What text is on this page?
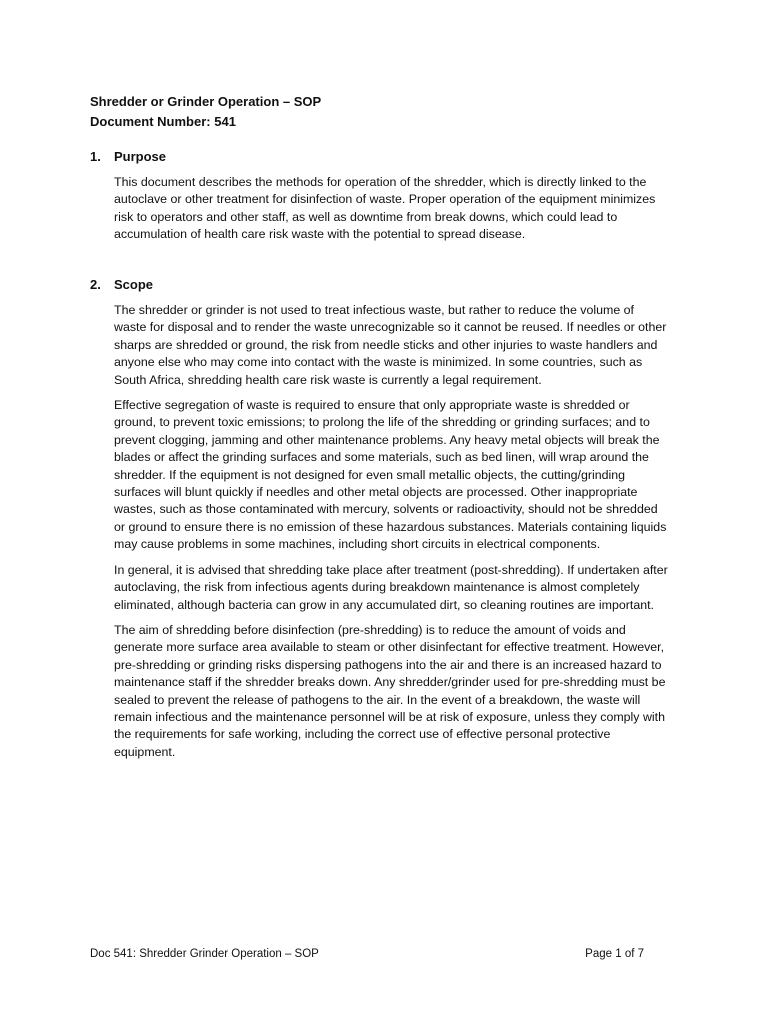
Shredder or Grinder Operation – SOP
Document Number: 541
1.	Purpose

This document describes the methods for operation of the shredder, which is directly linked to the autoclave or other treatment for disinfection of waste. Proper operation of the equipment minimizes risk to operators and other staff, as well as downtime from break downs, which could lead to accumulation of health care risk waste with the potential to spread disease.

2.	Scope

The shredder or grinder is not used to treat infectious waste, but rather to reduce the volume of waste for disposal and to render the waste unrecognizable so it cannot be reused. If needles or other sharps are shredded or ground, the risk from needle sticks and other injuries to waste handlers and anyone else who may come into contact with the waste is minimized. In some countries, such as South Africa, shredding health care risk waste is currently a legal requirement.

Effective segregation of waste is required to ensure that only appropriate waste is shredded or ground, to prevent toxic emissions; to prolong the life of the shredding or grinding surfaces; and to prevent clogging, jamming and other maintenance problems. Any heavy metal objects will break the blades or affect the grinding surfaces and some materials, such as bed linen, will wrap around the shredder. If the equipment is not designed for even small metallic objects, the cutting/grinding surfaces will blunt quickly if needles and other metal objects are processed. Other inappropriate wastes, such as those contaminated with mercury, solvents or radioactivity, should not be shredded or ground to ensure there is no emission of these hazardous substances. Materials containing liquids may cause problems in some machines, including short circuits in electrical components.

In general, it is advised that shredding take place after treatment (post-shredding). If undertaken after autoclaving, the risk from infectious agents during breakdown maintenance is almost completely eliminated, although bacteria can grow in any accumulated dirt, so cleaning routines are important.

The aim of shredding before disinfection (pre-shredding) is to reduce the amount of voids and generate more surface area available to steam or other disinfectant for effective treatment. However, pre-shredding or grinding risks dispersing pathogens into the air and there is an increased hazard to maintenance staff if the shredder breaks down. Any shredder/grinder used for pre-shredding must be sealed to prevent the release of pathogens to the air. In the event of a breakdown, the waste will remain infectious and the maintenance personnel will be at risk of exposure, unless they comply with the requirements for safe working, including the correct use of effective personal protective equipment.

Doc 541: Shredder Grinder Operation – SOP	Page 1 of 7
